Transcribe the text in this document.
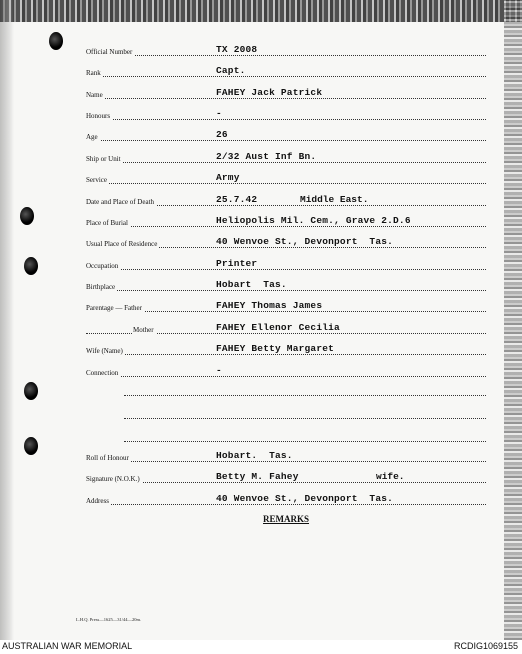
Official Number	TX 2008
Rank	Capt.
Name	FAHEY Jack Patrick
Honours	-
Age	26
Ship or Unit	2/32 Aust Inf Bn.
Service	Army
Date and Place of Death	25.7.42	Middle East.
Place of Burial	Heliopolis Mil. Cem., Grave 2.D.6
Usual Place of Residence	40 Wenvoe St., Devonport  Tas.
Occupation	Printer
Birthplace	Hobart  Tas.
Parentage — Father	FAHEY Thomas James
Mother	FAHEY Ellenor Cecilia
Wife (Name)	FAHEY Betty Margaret
Connection	-
Roll of Honour	Hobart.  Tas.
Signature (N.O.K.)	Betty M. Fahey	wife.
Address	40 Wenvoe St., Devonport  Tas.
REMARKS
L.H.Q. Press—1625—31/44—20m.
AUSTRALIAN WAR MEMORIAL	RCDIG1069155
